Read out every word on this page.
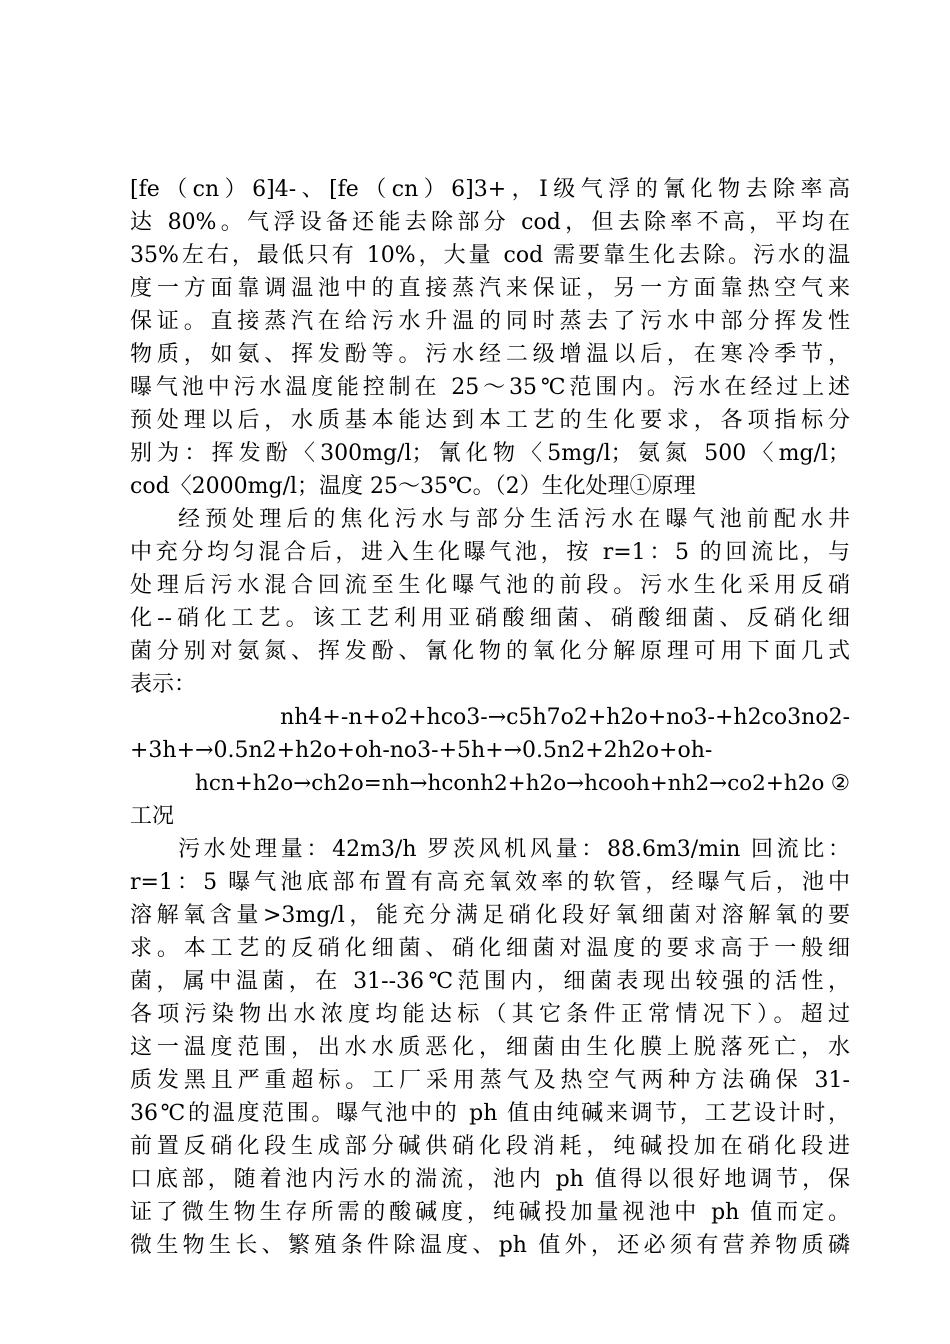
[fe（cn）6]4-、[fe（cn）6]3+，Ⅰ级气浮的氰化物去除率高
达 80%。气浮设备还能去除部分 cod，但去除率不高，平均在
35%左右，最低只有 10%，大量 cod 需要靠生化去除。污水的温
度一方面靠调温池中的直接蒸汽来保证，另一方面靠热空气来
保证。直接蒸汽在给污水升温的同时蒸去了污水中部分挥发性
物质，如氨、挥发酚等。污水经二级增温以后，在寒冷季节，
曝气池中污水温度能控制在 25～35℃范围内。污水在经过上述
预处理以后，水质基本能达到本工艺的生化要求，各项指标分
别为：挥发酚〈300mg/l；氰化物〈5mg/l；氨氮 500〈mg/l；
cod〈2000mg/l；温度 25～35℃。（2）生化处理①原理
经预处理后的焦化污水与部分生活污水在曝气池前配水井
中充分均匀混合后，进入生化曝气池，按 r=1：5 的回流比，与
处理后污水混合回流至生化曝气池的前段。污水生化采用反硝
化--硝化工艺。该工艺利用亚硝酸细菌、硝酸细菌、反硝化细
菌分别对氨氮、挥发酚、氰化物的氧化分解原理可用下面几式
表示：
nh4+-n+o2+hco3-→c5h7o2+h2o+no3-+h2co3no2-
+3h+→0.5n2+h2o+oh-no3-+5h+→0.5n2+2h2o+oh-
hcn+h2o→ch2o=nh→hconh2+h2o→hcooh+nh2→co2+h2o②
工况
污水处理量：42m3/h 罗茨风机风量：88.6m3/min 回流比：
r=1：5 曝气池底部布置有高充氧效率的软管，经曝气后，池中
溶解氧含量>3mg/l，能充分满足硝化段好氧细菌对溶解氧的要
求。本工艺的反硝化细菌、硝化细菌对温度的要求高于一般细
菌，属中温菌，在 31--36℃范围内，细菌表现出较强的活性，
各项污染物出水浓度均能达标（其它条件正常情况下）。超过
这一温度范围，出水水质恶化，细菌由生化膜上脱落死亡，水
质发黑且严重超标。工厂采用蒸气及热空气两种方法确保 31-
36℃的温度范围。曝气池中的 ph 值由纯碱来调节，工艺设计时，
前置反硝化段生成部分碱供硝化段消耗，纯碱投加在硝化段进
口底部，随着池内污水的湍流，池内 ph 值得以很好地调节，保
证了微生物生存所需的酸碱度，纯碱投加量视池中 ph 值而定。
微生物生长、繁殖条件除温度、ph 值外，还必须有营养物质磷
